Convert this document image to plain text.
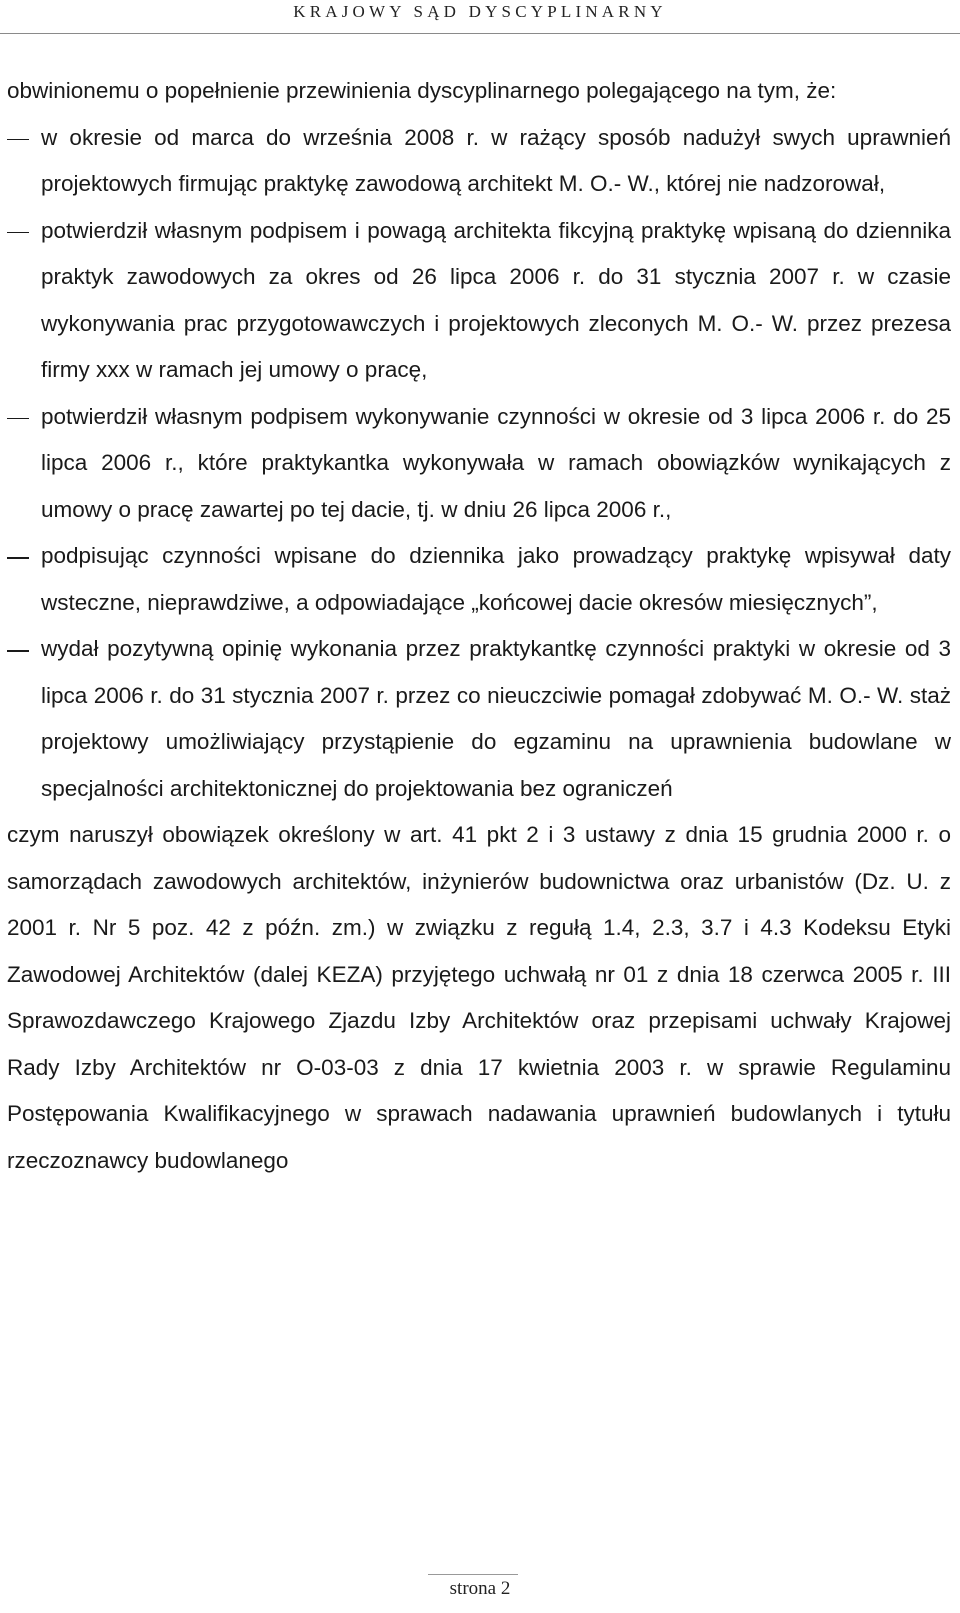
KRAJOWY SĄD DYSCYPLINARNY

obwinionemu o popełnienie przewinienia dyscyplinarnego polegającego na tym, że:

w okresie od marca do września 2008 r. w rażący sposób nadużył swych uprawnień projektowych firmując praktykę zawodową architekt M. O.- W., której nie nadzorował,
potwierdził własnym podpisem i powagą architekta fikcyjną praktykę wpisaną do dziennika praktyk zawodowych za okres od 26 lipca 2006 r. do 31 stycznia 2007 r. w czasie wykonywania prac przygotowawczych i projektowych zleconych M. O.- W. przez prezesa firmy xxx w ramach jej umowy o pracę,
potwierdził własnym podpisem wykonywanie czynności w okresie od 3 lipca 2006 r. do 25 lipca 2006 r., które praktykantka wykonywała w ramach obowiązków wynikających z umowy o pracę zawartej po tej dacie, tj. w dniu 26 lipca 2006 r.,
podpisując czynności wpisane do dziennika jako prowadzący praktykę wpisywał daty wsteczne, nieprawdziwe, a odpowiadające „końcowej dacie okresów miesięcznych”,
wydał pozytywną opinię wykonania przez praktykantkę czynności praktyki w okresie od 3 lipca 2006 r. do 31 stycznia 2007 r. przez co nieuczciwie pomagał zdobywać M. O.- W. staż projektowy umożliwiający przystąpienie do egzaminu na uprawnienia budowlane w specjalności architektonicznej do projektowania bez ograniczeń

czym naruszył obowiązek określony w art. 41 pkt 2 i 3 ustawy z dnia 15 grudnia 2000 r. o samorządach zawodowych architektów, inżynierów budownictwa oraz urbanistów (Dz. U. z 2001 r. Nr 5 poz. 42 z późn. zm.) w związku z regułą 1.4, 2.3, 3.7 i 4.3 Kodeksu Etyki Zawodowej Architektów (dalej KEZA) przyjętego uchwałą nr 01 z dnia 18 czerwca 2005 r. III Sprawozdawczego Krajowego Zjazdu Izby Architektów oraz przepisami uchwały Krajowej Rady Izby Architektów nr O-03-03 z dnia 17 kwietnia 2003 r. w sprawie Regulaminu Postępowania Kwalifikacyjnego w sprawach nadawania uprawnień budowlanych i tytułu rzeczoznawcy budowlanego

strona 2
